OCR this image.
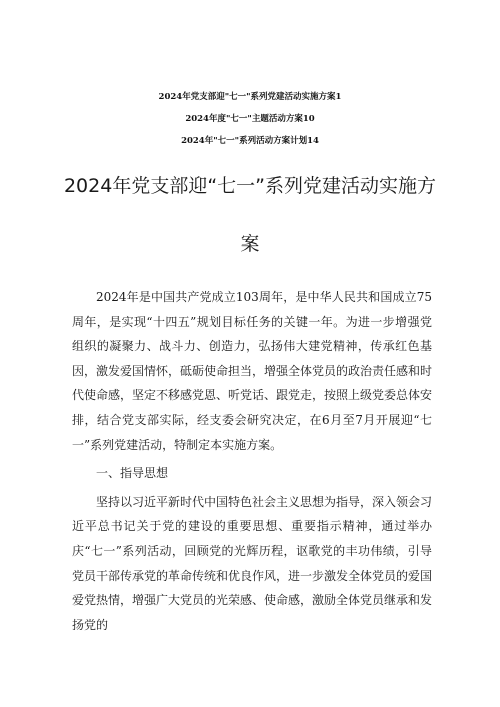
2024年党支部迎"七一"系列党建活动实施方案1
2024年度"七一"主题活动方案10
2024年"七一"系列活动方案计划14
2024年党支部迎“七一”系列党建活动实施方
案

2024年是中国共产党成立103周年，是中华人民共和国成立75周年，是实现“十四五”规划目标任务的关键一年。为进一步增强党组织的凝聚力、战斗力、创造力，弘扬伟大建党精神，传承红色基因，激发爱国情怀，砥砺使命担当，增强全体党员的政治责任感和时代使命感，坚定不移感党恩、听党话、跟党走，按照上级党委总体安排，结合党支部实际，经支委会研究决定，在6月至7月开展迎“七一”系列党建活动，特制定本实施方案。

一、指导思想

坚持以习近平新时代中国特色社会主义思想为指导，深入领会习近平总书记关于党的建设的重要思想、重要指示精神，通过举办庆“七一”系列活动，回顾党的光辉历程，讴歌党的丰功伟绩，引导党员干部传承党的革命传统和优良作风，进一步激发全体党员的爱国爱党热情，增强广大党员的光荣感、使命感，激励全体党员继承和发扬党的
